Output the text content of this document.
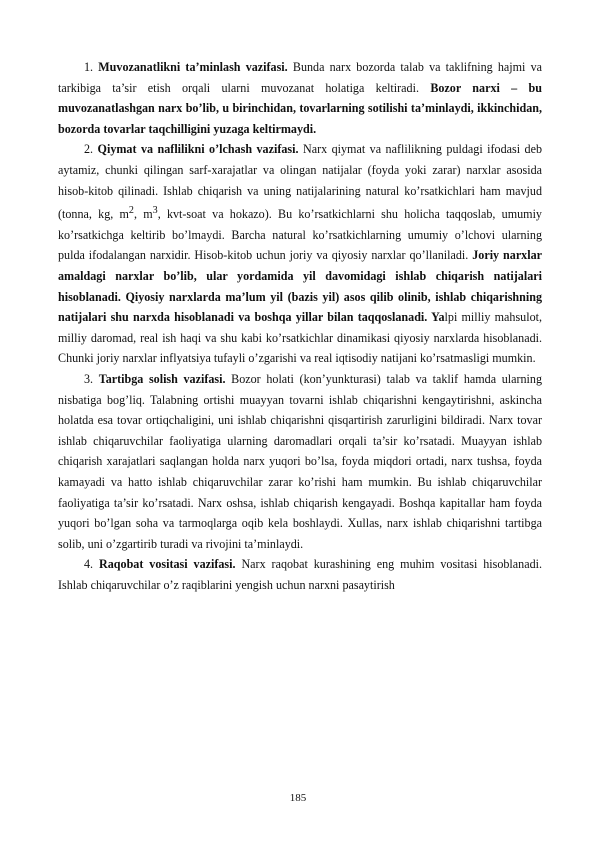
1. Muvozanatlikni ta’minlash vazifasi. Bunda narx bozorda talab va taklifning hajmi va tarkibiga ta’sir etish orqali ularni muvozanat holatiga keltiradi. Bozor narxi – bu muvozanatlashgan narx bo’lib, u birinchidan, tovarlarning sotilishi ta’minlaydi, ikkinchidan, bozorda tovarlar taqchilligini yuzaga keltirmaydi.

2. Qiymat va naflilikni o’lchash vazifasi. Narx qiymat va naflilikning puldagi ifodasi deb aytamiz, chunki qilingan sarf-xarajatlar va olingan natijalar (foyda yoki zarar) narxlar asosida hisob-kitob qilinadi. Ishlab chiqarish va uning natijalarining natural ko’rsatkichlari ham mavjud (tonna, kg, $m^2$, $m^3$, kvt-soat va hokazo). Bu ko’rsatkichlarni shu holicha taqqoslab, umumiy ko’rsatkichga keltirib bo’lmaydi. Barcha natural ko’rsatkichlarning umumiy o’lchovi ularning pulda ifodalangan narxidir. Hisob-kitob uchun joriy va qiyosiy narxlar qo’llaniladi. Joriy narxlar amaldagi narxlar bo’lib, ular yordamida yil davomidagi ishlab chiqarish natijalari hisoblanadi. Qiyosiy narxlarda ma’lum yil (bazis yil) asos qilib olinib, ishlab chiqarishning natijalari shu narxda hisoblanadi va boshqa yillar bilan taqqoslanadi. Yalpi milliy mahsulot, milliy daromad, real ish haqi va shu kabi ko’rsatkichlar dinamikasi qiyosiy narxlarda hisoblanadi. Chunki joriy narxlar inflyatsiya tufayli o’zgarishi va real iqtisodiy natijani ko’rsatmasligi mumkin.

3. Tartibga solish vazifasi. Bozor holati (kon’yunkturasi) talab va taklif hamda ularning nisbatiga bog’liq. Talabning ortishi muayyan tovarni ishlab chiqarishni kengaytirishni, askincha holatda esa tovar ortiqchaligini, uni ishlab chiqarishni qisqartirish zarurligini bildiradi. Narx tovar ishlab chiqaruvchilar faoliyatiga ularning daromadlari orqali ta’sir ko’rsatadi. Muayyan ishlab chiqarish xarajatlari saqlangan holda narx yuqori bo’lsa, foyda miqdori ortadi, narx tushsa, foyda kamayadi va hatto ishlab chiqaruvchilar zarar ko’rishi ham mumkin. Bu ishlab chiqaruvchilar faoliyatiga ta’sir ko’rsatadi. Narx oshsa, ishlab chiqarish kengayadi. Boshqa kapitallar ham foyda yuqori bo’lgan soha va tarmoqlarga oqib kela boshlaydi. Xullas, narx ishlab chiqarishni tartibga solib, uni o’zgartirib turadi va rivojini ta’minlaydi.

4. Raqobat vositasi vazifasi. Narx raqobat kurashining eng muhim vositasi hisoblanadi. Ishlab chiqaruvchilar o’z raqiblarini yengish uchun narxni pasaytirish

185
